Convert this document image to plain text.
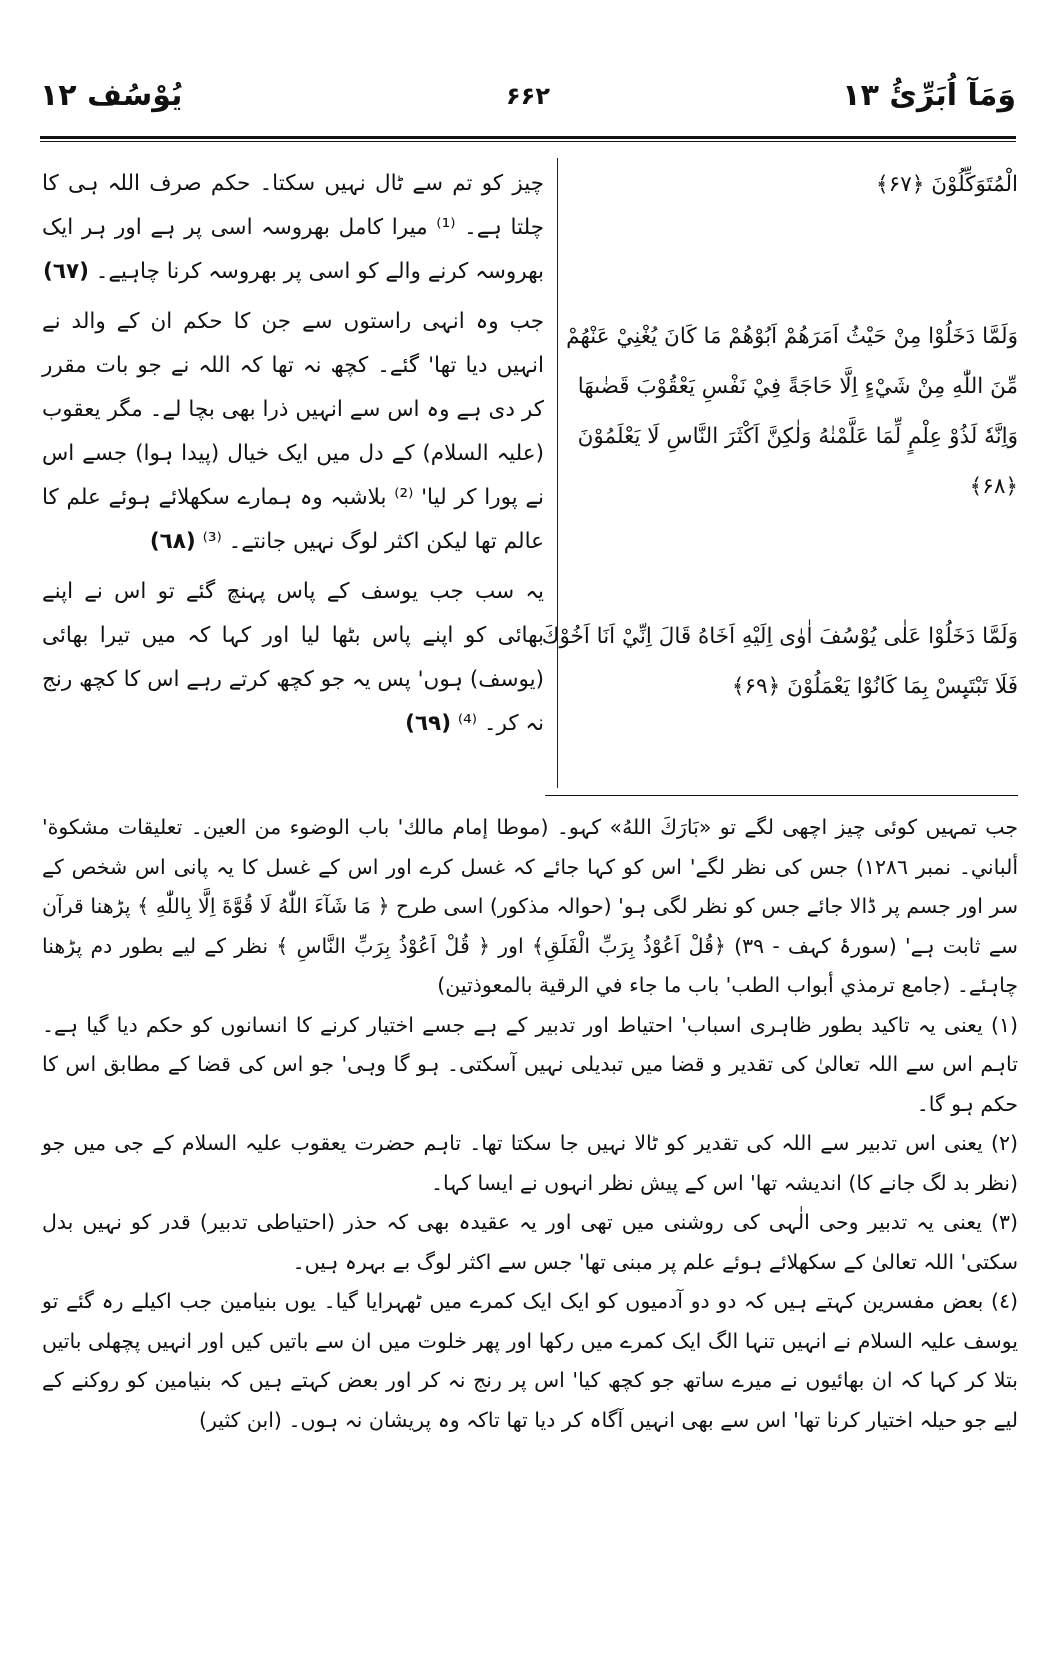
وَمَآ اُبَرِّئُ ۱۳
۶۶۲
یُوْسُف ۱۲

الْمُتَوَكِّلُوْنَ ﴿۶۷﴾

وَلَمَّا دَخَلُوْا مِنْ حَيْثُ اَمَرَهُمْ اَبُوْهُمْ مَا كَانَ يُغْنِيْ عَنْهُمْ مِّنَ اللّٰهِ مِنْ شَيْءٍ اِلَّا حَاجَةً فِيْ نَفْسِ يَعْقُوْبَ قَضٰىهَا وَاِنَّهٗ لَذُوْ عِلْمٍ لِّمَا عَلَّمْنٰهُ وَلٰكِنَّ اَكْثَرَ النَّاسِ لَا يَعْلَمُوْنَ ﴿۶۸﴾

وَلَمَّا دَخَلُوْا عَلٰى يُوْسُفَ اٰوٰى اِلَيْهِ اَخَاهُ قَالَ اِنِّيْ اَنَا اَخُوْكَ فَلَا تَبْتَىِٕسْ بِمَا كَانُوْا يَعْمَلُوْنَ ﴿۶۹﴾

چیز کو تم سے ٹال نہیں سکتا۔ حکم صرف اللہ ہی کا چلتا ہے۔ ⁽¹⁾ میرا کامل بھروسہ اسی پر ہے اور ہر ایک بھروسہ کرنے والے کو اسی پر بھروسہ کرنا چاہیے۔ (٦٧)

جب وہ انہی راستوں سے جن کا حکم ان کے والد نے انہیں دیا تھا' گئے۔ کچھ نہ تھا کہ اللہ نے جو بات مقرر کر دی ہے وہ اس سے انہیں ذرا بھی بچا لے۔ مگر یعقوب (علیہ السلام) کے دل میں ایک خیال (پیدا ہوا) جسے اس نے پورا کر لیا' ⁽²⁾ بلاشبہ وہ ہمارے سکھلائے ہوئے علم کا عالم تھا لیکن اکثر لوگ نہیں جانتے۔ ⁽³⁾ (٦٨)

یہ سب جب یوسف کے پاس پہنچ گئے تو اس نے اپنے بھائی کو اپنے پاس بٹھا لیا اور کہا کہ میں تیرا بھائی (یوسف) ہوں' پس یہ جو کچھ کرتے رہے اس کا کچھ رنج نہ کر۔ ⁽⁴⁾ (٦٩)

جب تمہیں کوئی چیز اچھی لگے تو «بَارَكَ اللهُ» کہو۔ (موطا إمام مالك' باب الوضوء من العين۔ تعليقات مشكوة' ألباني۔ نمبر ١٢٨٦) جس کی نظر لگے' اس کو کہا جائے کہ غسل کرے اور اس کے غسل کا یہ پانی اس شخص کے سر اور جسم پر ڈالا جائے جس کو نظر لگی ہو' (حوالہ مذکور) اسی طرح ﴿ مَا شَآءَ اللّٰهُ لَا قُوَّةَ اِلَّا بِاللّٰهِ ﴾ پڑھنا قرآن سے ثابت ہے' (سورۂ کہف - ٣٩) ﴿قُلْ اَعُوْذُ بِرَبِّ الْفَلَقِ﴾ اور ﴿ قُلْ اَعُوْذُ بِرَبِّ النَّاسِ ﴾ نظر کے لیے بطور دم پڑھنا چاہئے۔ (جامع ترمذي أبواب الطب' باب ما جاء في الرقية بالمعوذتين)

(١) یعنی یہ تاکید بطور ظاہری اسباب' احتیاط اور تدبیر کے ہے جسے اختیار کرنے کا انسانوں کو حکم دیا گیا ہے۔ تاہم اس سے اللہ تعالیٰ کی تقدیر و قضا میں تبدیلی نہیں آسکتی۔ ہو گا وہی' جو اس کی قضا کے مطابق اس کا حکم ہو گا۔

(٢) یعنی اس تدبیر سے اللہ کی تقدیر کو ٹالا نہیں جا سکتا تھا۔ تاہم حضرت یعقوب علیہ السلام کے جی میں جو (نظر بد لگ جانے کا) اندیشہ تھا' اس کے پیش نظر انہوں نے ایسا کہا۔

(٣) یعنی یہ تدبیر وحی الٰہی کی روشنی میں تھی اور یہ عقیدہ بھی کہ حذر (احتیاطی تدبیر) قدر کو نہیں بدل سکتی' اللہ تعالیٰ کے سکھلائے ہوئے علم پر مبنی تھا' جس سے اکثر لوگ بے بہرہ ہیں۔

(٤) بعض مفسرین کہتے ہیں کہ دو دو آدمیوں کو ایک ایک کمرے میں ٹھہرایا گیا۔ یوں بنیامین جب اکیلے رہ گئے تو یوسف علیہ السلام نے انہیں تنہا الگ ایک کمرے میں رکھا اور پھر خلوت میں ان سے باتیں کیں اور انہیں پچھلی باتیں بتلا کر کہا کہ ان بھائیوں نے میرے ساتھ جو کچھ کیا' اس پر رنج نہ کر اور بعض کہتے ہیں کہ بنیامین کو روکنے کے لیے جو حیلہ اختیار کرنا تھا' اس سے بھی انہیں آگاہ کر دیا تھا تاکہ وہ پریشان نہ ہوں۔ (ابن کثیر)
